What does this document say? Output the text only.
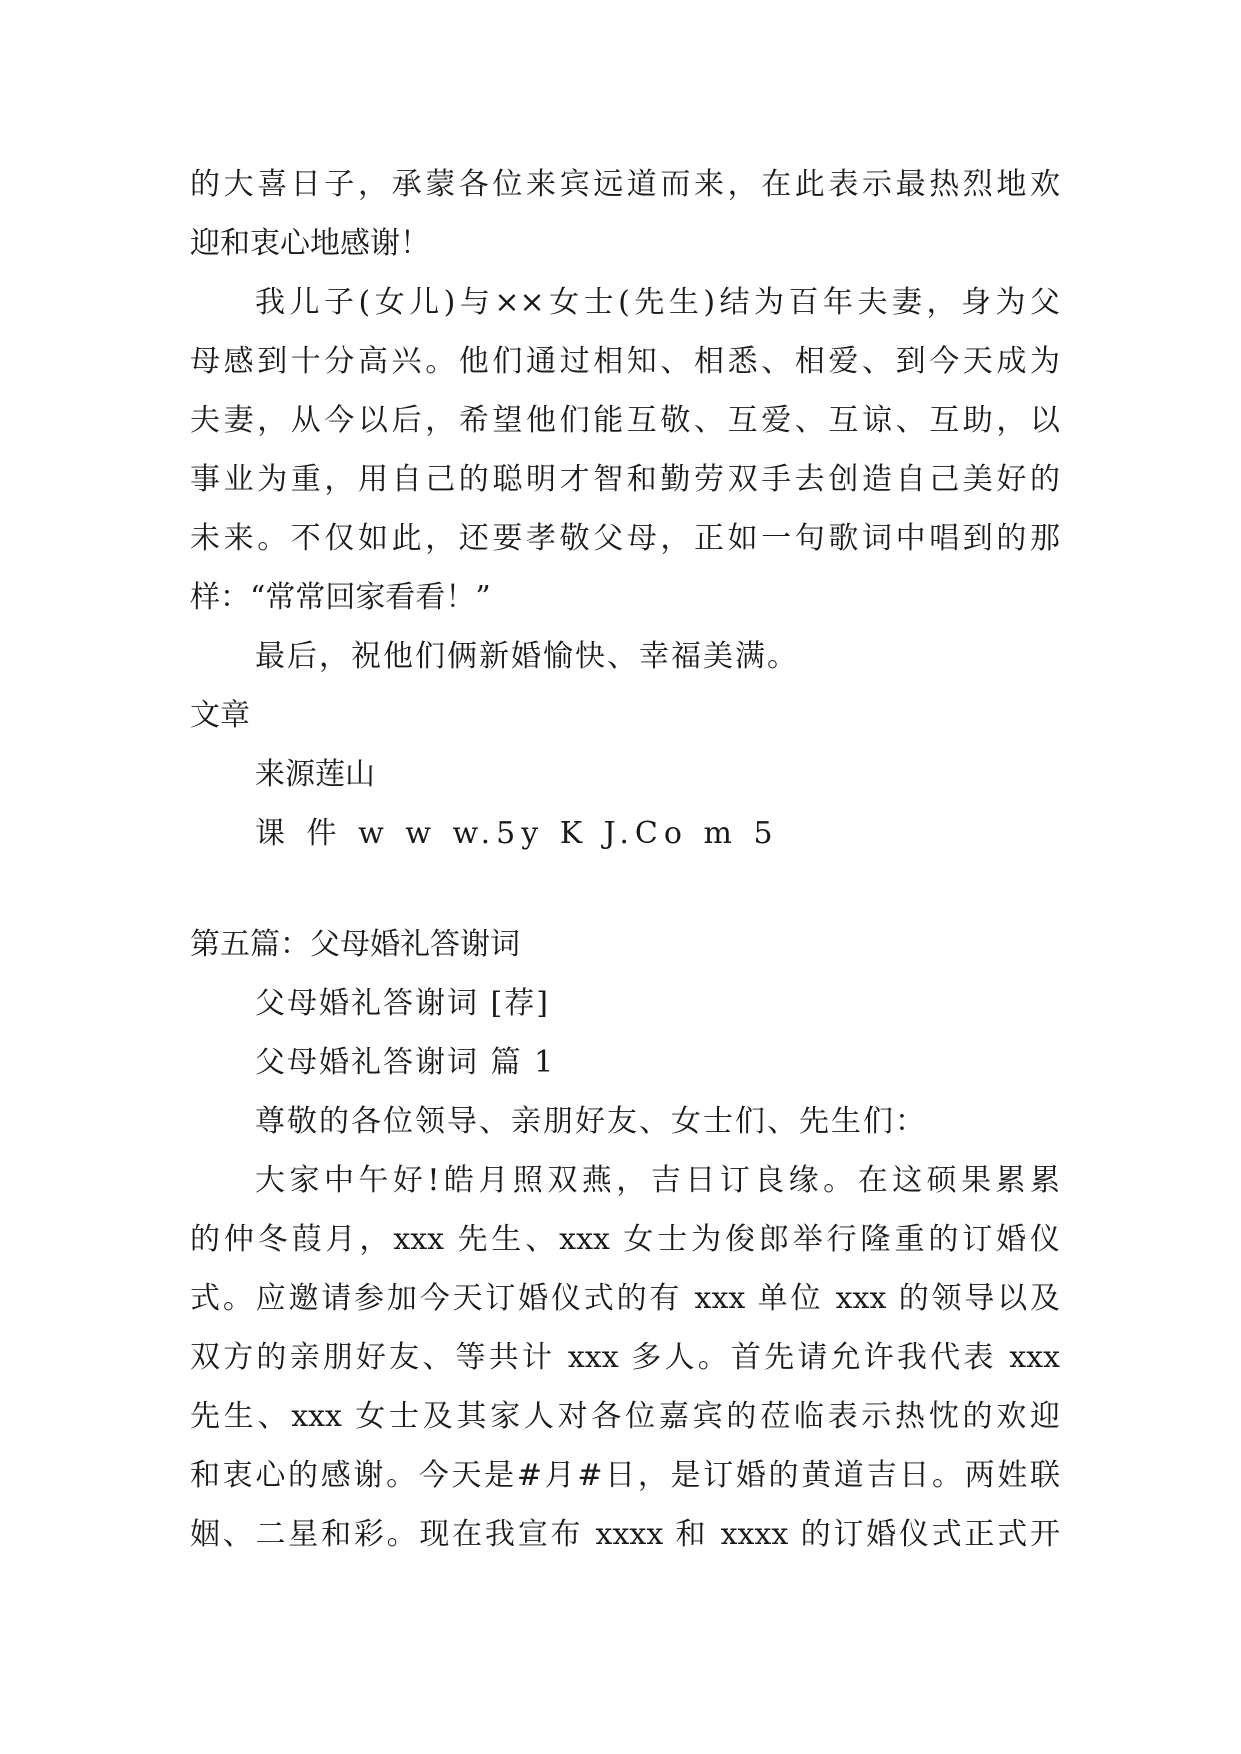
的大喜日子，承蒙各位来宾远道而来，在此表示最热烈地欢
迎和衷心地感谢！
我儿子(女儿)与××女士(先生)结为百年夫妻，身为父
母感到十分高兴。他们通过相知、相悉、相爱、到今天成为
夫妻，从今以后，希望他们能互敬、互爱、互谅、互助，以
事业为重，用自己的聪明才智和勤劳双手去创造自己美好的
未来。不仅如此，还要孝敬父母，正如一句歌词中唱到的那
样：“常常回家看看！”
最后，祝他们俩新婚愉快、幸福美满。
文章
来源莲山
课 件 w w w.5y K J.Co m 5
第五篇：父母婚礼答谢词
父母婚礼答谢词 [荐]
父母婚礼答谢词 篇 1
尊敬的各位领导、亲朋好友、女士们、先生们：
大家中午好!皓月照双燕，吉日订良缘。在这硕果累累
的仲冬葭月，xxx 先生、xxx 女士为俊郎举行隆重的订婚仪
式。应邀请参加今天订婚仪式的有 xxx 单位 xxx 的领导以及
双方的亲朋好友、等共计 xxx 多人。首先请允许我代表 xxx
先生、xxx 女士及其家人对各位嘉宾的莅临表示热忱的欢迎
和衷心的感谢。今天是#月#日，是订婚的黄道吉日。两姓联
姻、二星和彩。现在我宣布 xxxx 和 xxxx 的订婚仪式正式开
